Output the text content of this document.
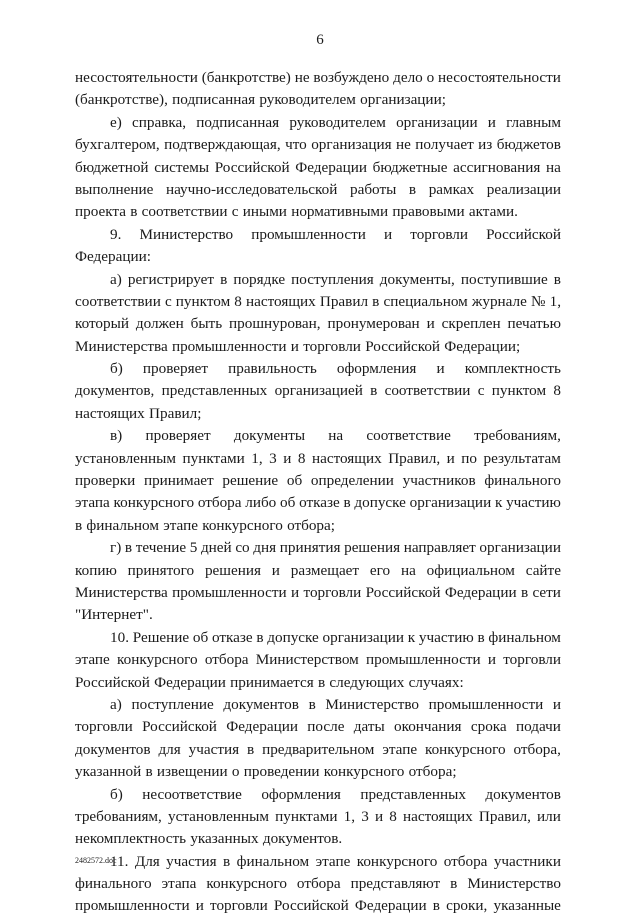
6
несостоятельности (банкротстве) не возбуждено дело о несостоятельности
(банкротстве), подписанная руководителем организации;
е) справка, подписанная руководителем организации и главным
бухгалтером, подтверждающая, что организация не получает из бюджетов
бюджетной системы Российской Федерации бюджетные ассигнования на
выполнение научно-исследовательской работы в рамках реализации
проекта в соответствии с иными нормативными правовыми актами.
9. Министерство промышленности и торговли Российской
Федерации:
а) регистрирует в порядке поступления документы, поступившие в
соответствии с пунктом 8 настоящих Правил в специальном журнале № 1,
который должен быть прошнурован, пронумерован и скреплен печатью
Министерства промышленности и торговли Российской Федерации;
б) проверяет правильность оформления и комплектность
документов, представленных организацией в соответствии с пунктом 8
настоящих Правил;
в) проверяет документы на соответствие требованиям,
установленным пунктами 1, 3 и 8 настоящих Правил, и по результатам
проверки принимает решение об определении участников финального
этапа конкурсного отбора либо об отказе в допуске организации к участию
в финальном этапе конкурсного отбора;
г) в течение 5 дней со дня принятия решения направляет организации
копию принятого решения и размещает его на официальном сайте
Министерства промышленности и торговли Российской Федерации в сети
"Интернет".
10. Решение об отказе в допуске организации к участию в финальном
этапе конкурсного отбора Министерством промышленности и торговли
Российской Федерации принимается в следующих случаях:
а) поступление документов в Министерство промышленности и
торговли Российской Федерации после даты окончания срока подачи
документов для участия в предварительном этапе конкурсного отбора,
указанной в извещении о проведении конкурсного отбора;
б) несоответствие оформления представленных документов
требованиям, установленным пунктами 1, 3 и 8 настоящих Правил, или
некомплектность указанных документов.
11. Для участия в финальном этапе конкурсного отбора участники
финального этапа конкурсного отбора представляют в Министерство
промышленности и торговли Российской Федерации в сроки, указанные
2482572.doc
